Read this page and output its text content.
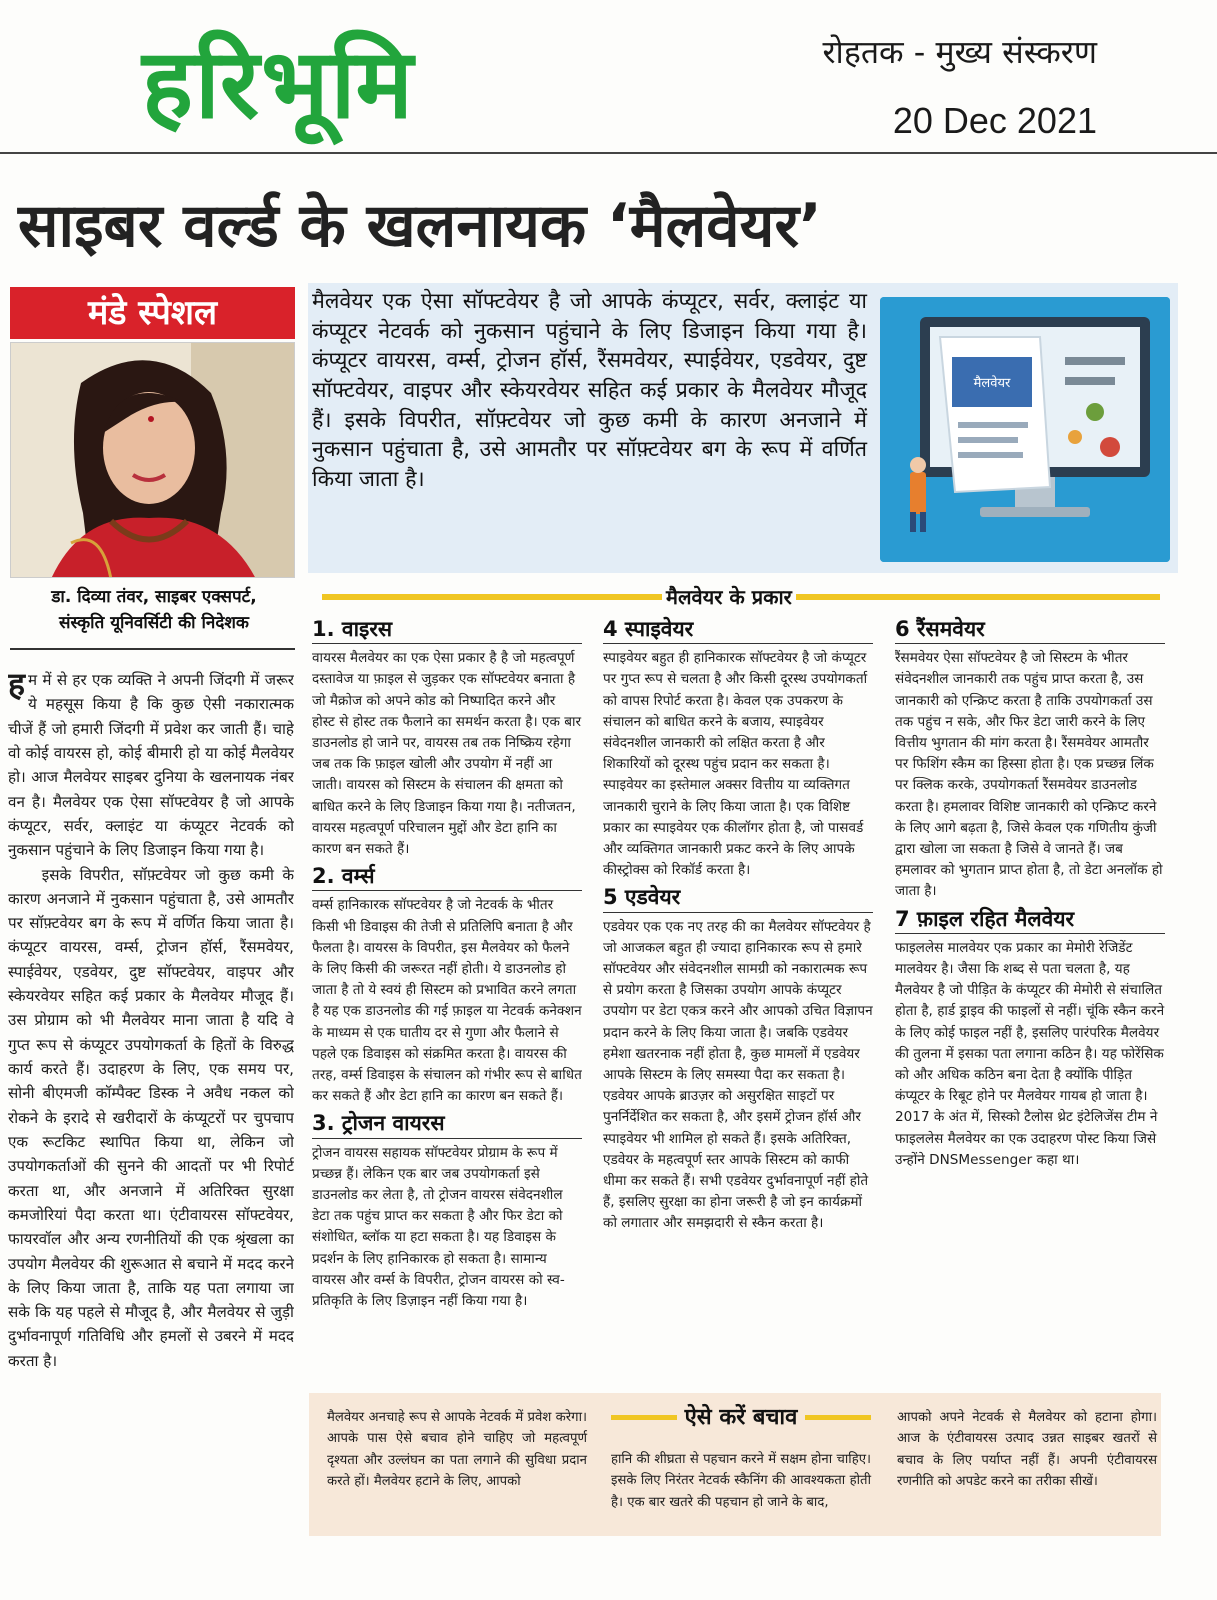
हरिभूमि	रोहतक - मुख्य संस्करण
20 Dec 2021
साइबर वर्ल्ड के खलनायक ‘मैलवेयर’
मंडे स्पेशल
डा. दिव्या तंवर, साइबर एक्सपर्ट,
संस्कृति यूनिवर्सिटी की निदेशक

हम में से हर एक व्यक्ति ने अपनी जिंदगी में जरूर ये महसूस किया है कि कुछ ऐसी नकारात्मक चीजें हैं जो हमारी जिंदगी में प्रवेश कर जाती हैं। चाहे वो कोई वायरस हो, कोई बीमारी हो या कोई मैलवेयर हो। आज मैलवेयर साइबर दुनिया के खलनायक नंबर वन है। मैलवेयर एक ऐसा सॉफ्टवेयर है जो आपके कंप्यूटर, सर्वर, क्लाइंट या कंप्यूटर नेटवर्क को नुकसान पहुंचाने के लिए डिजाइन किया गया है।

इसके विपरीत, सॉफ़्टवेयर जो कुछ कमी के कारण अनजाने में नुकसान पहुंचाता है, उसे आमतौर पर सॉफ़्टवेयर बग के रूप में वर्णित किया जाता है। कंप्यूटर वायरस, वर्म्स, ट्रोजन हॉर्स, रैंसमवेयर, स्पाईवेयर, एडवेयर, दुष्ट सॉफ्टवेयर, वाइपर और स्केयरवेयर सहित कई प्रकार के मैलवेयर मौजूद हैं। उस प्रोग्राम को भी मैलवेयर माना जाता है यदि वे गुप्त रूप से कंप्यूटर उपयोगकर्ता के हितों के विरुद्ध कार्य करते हैं। उदाहरण के लिए, एक समय पर, सोनी बीएमजी कॉम्पैक्ट डिस्क ने अवैध नकल को रोकने के इरादे से खरीदारों के कंप्यूटरों पर चुपचाप एक रूटकिट स्थापित किया था, लेकिन जो उपयोगकर्ताओं की सुनने की आदतों पर भी रिपोर्ट करता था, और अनजाने में अतिरिक्त सुरक्षा कमजोरियां पैदा करता था। एंटीवायरस सॉफ्टवेयर, फायरवॉल और अन्य रणनीतियों की एक श्रृंखला का उपयोग मैलवेयर की शुरूआत से बचाने में मदद करने के लिए किया जाता है, ताकि यह पता लगाया जा सके कि यह पहले से मौजूद है, और मैलवेयर से जुड़ी दुर्भावनापूर्ण गतिविधि और हमलों से उबरने में मदद करता है।

मैलवेयर एक ऐसा सॉफ्टवेयर है जो आपके कंप्यूटर, सर्वर, क्लाइंट या कंप्यूटर नेटवर्क को नुकसान पहुंचाने के लिए डिजाइन किया गया है। कंप्यूटर वायरस, वर्म्स, ट्रोजन हॉर्स, रैंसमवेयर, स्पाईवेयर, एडवेयर, दुष्ट सॉफ्टवेयर, वाइपर और स्केयरवेयर सहित कई प्रकार के मैलवेयर मौजूद हैं। इसके विपरीत, सॉफ़्टवेयर जो कुछ कमी के कारण अनजाने में नुकसान पहुंचाता है, उसे आमतौर पर सॉफ़्टवेयर बग के रूप में वर्णित किया जाता है।
मैलवेयर
मैलवेयर के प्रकार
1. वाइरस

वायरस मैलवेयर का एक ऐसा प्रकार है है जो महत्वपूर्ण दस्तावेज या फ़ाइल से जुड़कर एक सॉफ्टवेयर बनाता है जो मैक्रोज को अपने कोड को निष्पादित करने और होस्ट से होस्ट तक फैलाने का समर्थन करता है। एक बार डाउनलोड हो जाने पर, वायरस तब तक निष्क्रिय रहेगा जब तक कि फ़ाइल खोली और उपयोग में नहीं आ जाती। वायरस को सिस्टम के संचालन की क्षमता को बाधित करने के लिए डिजाइन किया गया है। नतीजतन, वायरस महत्वपूर्ण परिचालन मुद्दों और डेटा हानि का कारण बन सकते हैं।

2. वर्म्स

वर्म्स हानिकारक सॉफ्टवेयर है जो नेटवर्क के भीतर किसी भी डिवाइस की तेजी से प्रतिलिपि बनाता है और फैलता है। वायरस के विपरीत, इस मैलवेयर को फैलने के लिए किसी की जरूरत नहीं होती। ये डाउनलोड हो जाता है तो ये स्वयं ही सिस्टम को प्रभावित करने लगता है यह एक डाउनलोड की गई फ़ाइल या नेटवर्क कनेक्शन के माध्यम से एक घातीय दर से गुणा और फैलाने से पहले एक डिवाइस को संक्रमित करता है। वायरस की तरह, वर्म्स डिवाइस के संचालन को गंभीर रूप से बाधित कर सकते हैं और डेटा हानि का कारण बन सकते हैं।

3. ट्रोजन वायरस

ट्रोजन वायरस सहायक सॉफ्टवेयर प्रोग्राम के रूप में प्रच्छन्न हैं। लेकिन एक बार जब उपयोगकर्ता इसे डाउनलोड कर लेता है, तो ट्रोजन वायरस संवेदनशील डेटा तक पहुंच प्राप्त कर सकता है और फिर डेटा को संशोधित, ब्लॉक या हटा सकता है। यह डिवाइस के प्रदर्शन के लिए हानिकारक हो सकता है। सामान्य वायरस और वर्म्स के विपरीत, ट्रोजन वायरस को स्व-प्रतिकृति के लिए डिज़ाइन नहीं किया गया है।

4 स्पाइवेयर

स्पाइवेयर बहुत ही हानिकारक सॉफ्टवेयर है जो कंप्यूटर पर गुप्त रूप से चलता है और किसी दूरस्थ उपयोगकर्ता को वापस रिपोर्ट करता है। केवल एक उपकरण के संचालन को बाधित करने के बजाय, स्पाइवेयर संवेदनशील जानकारी को लक्षित करता है और शिकारियों को दूरस्थ पहुंच प्रदान कर सकता है। स्पाइवेयर का इस्तेमाल अक्सर वित्तीय या व्यक्तिगत जानकारी चुराने के लिए किया जाता है। एक विशिष्ट प्रकार का स्पाइवेयर एक कीलॉगर होता है, जो पासवर्ड और व्यक्तिगत जानकारी प्रकट करने के लिए आपके कीस्ट्रोक्स को रिकॉर्ड करता है।

5 एडवेयर

एडवेयर एक एक नए तरह की का मैलवेयर सॉफ्टवेयर है जो आजकल बहुत ही ज्यादा हानिकारक रूप से हमारे सॉफ्टवेयर और संवेदनशील सामग्री को नकारात्मक रूप से प्रयोग करता है जिसका उपयोग आपके कंप्यूटर उपयोग पर डेटा एकत्र करने और आपको उचित विज्ञापन प्रदान करने के लिए किया जाता है। जबकि एडवेयर हमेशा खतरनाक नहीं होता है, कुछ मामलों में एडवेयर आपके सिस्टम के लिए समस्या पैदा कर सकता है। एडवेयर आपके ब्राउज़र को असुरक्षित साइटों पर पुनर्निर्देशित कर सकता है, और इसमें ट्रोजन हॉर्स और स्पाइवेयर भी शामिल हो सकते हैं। इसके अतिरिक्त, एडवेयर के महत्वपूर्ण स्तर आपके सिस्टम को काफी धीमा कर सकते हैं। सभी एडवेयर दुर्भावनापूर्ण नहीं होते हैं, इसलिए सुरक्षा का होना जरूरी है जो इन कार्यक्रमों को लगातार और समझदारी से स्कैन करता है।

6 रैंसमवेयर

रैंसमवेयर ऐसा सॉफ्टवेयर है जो सिस्टम के भीतर संवेदनशील जानकारी तक पहुंच प्राप्त करता है, उस जानकारी को एन्क्रिप्ट करता है ताकि उपयोगकर्ता उस तक पहुंच न सके, और फिर डेटा जारी करने के लिए वित्तीय भुगतान की मांग करता है। रैंसमवेयर आमतौर पर फिशिंग स्कैम का हिस्सा होता है। एक प्रच्छन्न लिंक पर क्लिक करके, उपयोगकर्ता रैंसमवेयर डाउनलोड करता है। हमलावर विशिष्ट जानकारी को एन्क्रिप्ट करने के लिए आगे बढ़ता है, जिसे केवल एक गणितीय कुंजी द्वारा खोला जा सकता है जिसे वे जानते हैं। जब हमलावर को भुगतान प्राप्त होता है, तो डेटा अनलॉक हो जाता है।

7 फ़ाइल रहित मैलवेयर

फाइललेस मालवेयर एक प्रकार का मेमोरी रेजिडेंट मालवेयर है। जैसा कि शब्द से पता चलता है, यह मैलवेयर है जो पीड़ित के कंप्यूटर की मेमोरी से संचालित होता है, हार्ड ड्राइव की फाइलों से नहीं। चूंकि स्कैन करने के लिए कोई फाइल नहीं है, इसलिए पारंपरिक मैलवेयर की तुलना में इसका पता लगाना कठिन है। यह फोरेंसिक को और अधिक कठिन बना देता है क्योंकि पीड़ित कंप्यूटर के रिबूट होने पर मैलवेयर गायब हो जाता है। 2017 के अंत में, सिस्को टैलोस थ्रेट इंटेलिजेंस टीम ने फाइललेस मैलवेयर का एक उदाहरण पोस्ट किया जिसे उन्होंने DNSMessenger कहा था।

मैलवेयर अनचाहे रूप से आपके नेटवर्क में प्रवेश करेगा। आपके पास ऐसे बचाव होने चाहिए जो महत्वपूर्ण दृश्यता और उल्लंघन का पता लगाने की सुविधा प्रदान करते हों। मैलवेयर हटाने के लिए, आपको
ऐसे करें बचाव
हानि की शीघ्रता से पहचान करने में सक्षम होना चाहिए। इसके लिए निरंतर नेटवर्क स्कैनिंग की आवश्यकता होती है। एक बार खतरे की पहचान हो जाने के बाद,
आपको अपने नेटवर्क से मैलवेयर को हटाना होगा। आज के एंटीवायरस उत्पाद उन्नत साइबर खतरों से बचाव के लिए पर्याप्त नहीं हैं। अपनी एंटीवायरस रणनीति को अपडेट करने का तरीका सीखें।
